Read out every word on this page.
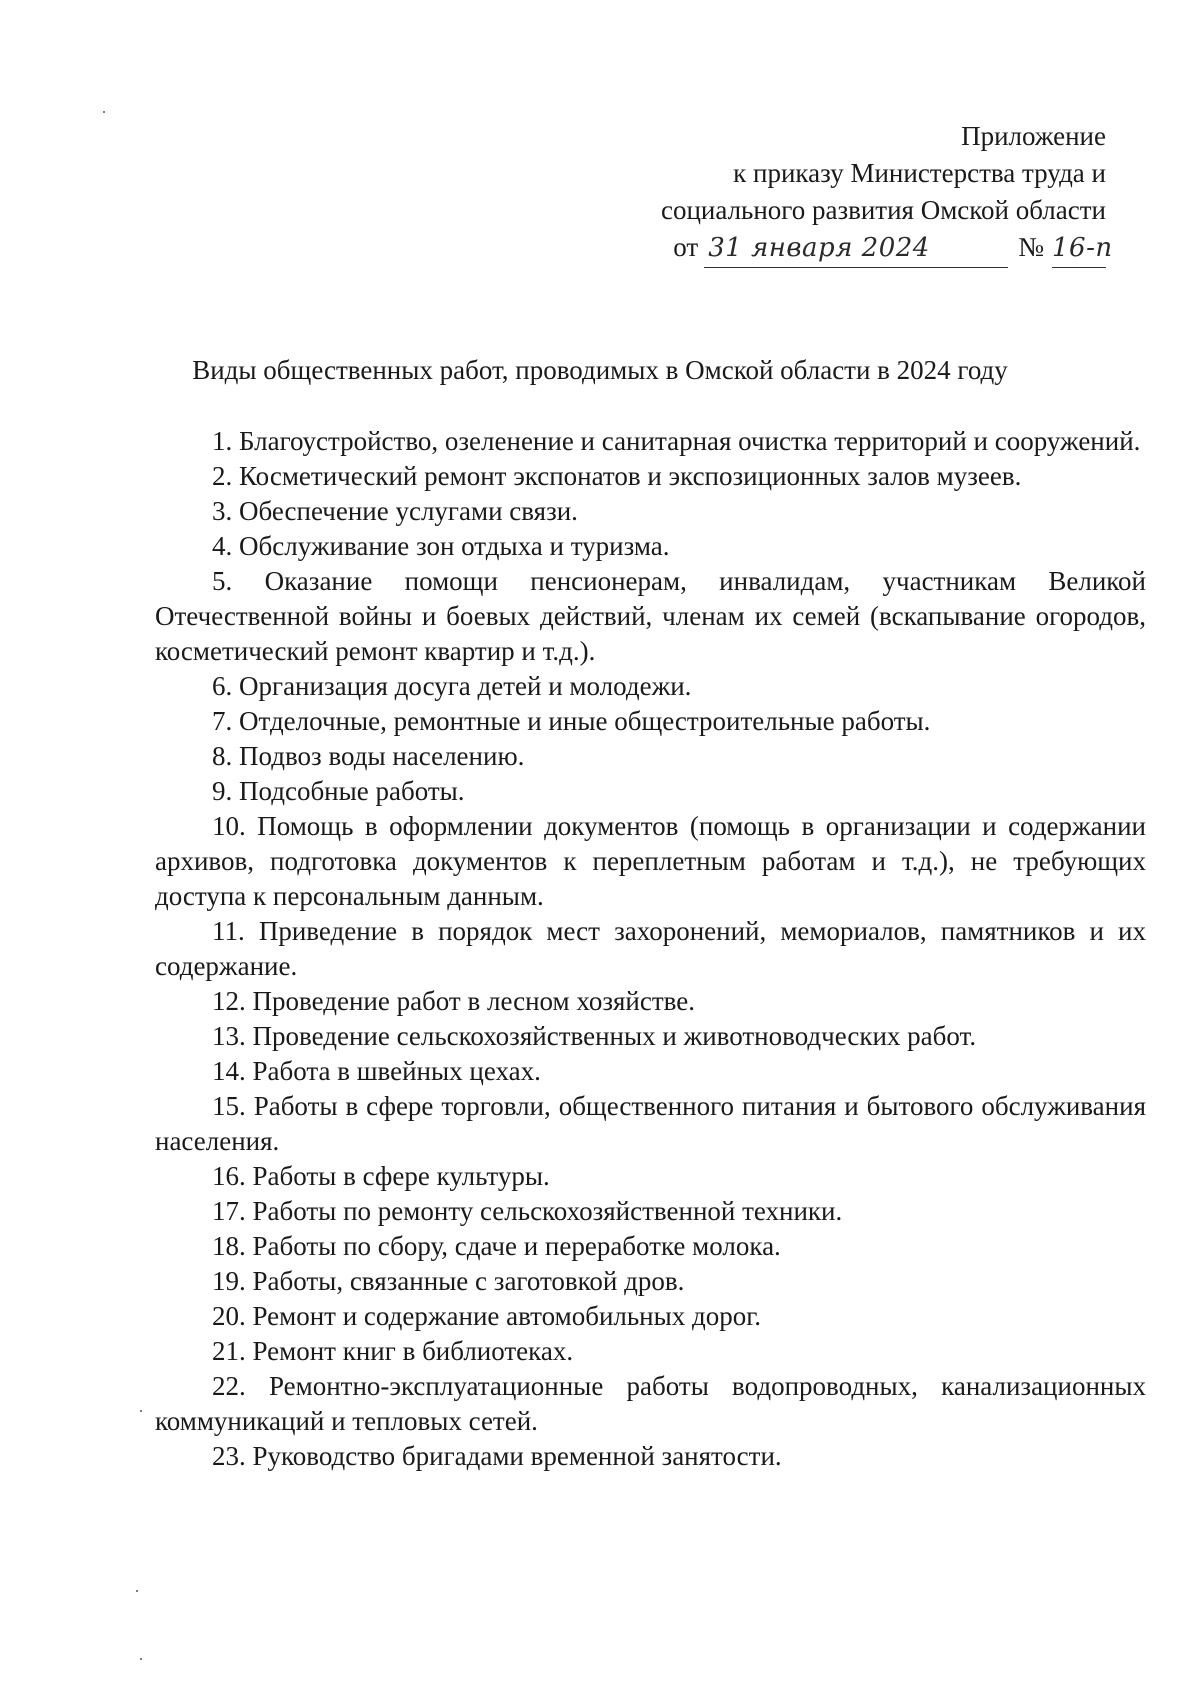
Приложение
к приказу Министерства труда и
социального развития Омской области
от 31 января 2024	№ 16-п
Виды общественных работ, проводимых в Омской области в 2024 году

1. Благоустройство, озеленение и санитарная очистка территорий и сооружений.

2. Косметический ремонт экспонатов и экспозиционных залов музеев.

3. Обеспечение услугами связи.

4. Обслуживание зон отдыха и туризма.

5. Оказание помощи пенсионерам, инвалидам, участникам Великой Отечественной войны и боевых действий, членам их семей (вскапывание огородов, косметический ремонт квартир и т.д.).

6. Организация досуга детей и молодежи.

7. Отделочные, ремонтные и иные общестроительные работы.

8. Подвоз воды населению.

9. Подсобные работы.

10. Помощь в оформлении документов (помощь в организации и содержании архивов, подготовка документов к переплетным работам и т.д.), не требующих доступа к персональным данным.

11. Приведение в порядок мест захоронений, мемориалов, памятников и их содержание.

12. Проведение работ в лесном хозяйстве.

13. Проведение сельскохозяйственных и животноводческих работ.

14. Работа в швейных цехах.

15. Работы в сфере торговли, общественного питания и бытового обслуживания населения.

16. Работы в сфере культуры.

17. Работы по ремонту сельскохозяйственной техники.

18. Работы по сбору, сдаче и переработке молока.

19. Работы, связанные с заготовкой дров.

20. Ремонт и содержание автомобильных дорог.

21. Ремонт книг в библиотеках.

22. Ремонтно-эксплуатационные работы водопроводных, канализационных коммуникаций и тепловых сетей.

23. Руководство бригадами временной занятости.
